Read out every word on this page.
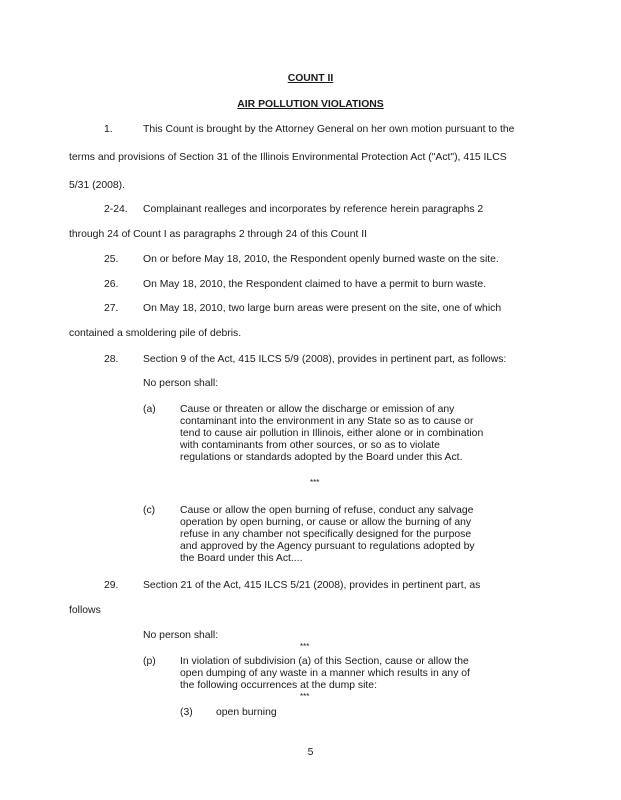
COUNT II
AIR POLLUTION VIOLATIONS
1.	This Count is brought by the Attorney General on her own motion pursuant to the
terms and provisions of Section 31 of the Illinois Environmental Protection Act ("Act"), 415 ILCS
5/31 (2008).
2-24. Complainant realleges and incorporates by reference herein paragraphs 2
through 24 of Count I as paragraphs 2 through 24 of this Count II
25. On or before May 18, 2010, the Respondent openly burned waste on the site.
26. On May 18, 2010, the Respondent claimed to have a permit to burn waste.
27. On May 18, 2010, two large burn areas were present on the site, one of which
contained a smoldering pile of debris.
28. Section 9 of the Act, 415 ILCS 5/9 (2008), provides in pertinent part, as follows:
No person shall:
(a) Cause or threaten or allow the discharge or emission of any
contaminant into the environment in any State so as to cause or
tend to cause air pollution in Illinois, either alone or in combination
with contaminants from other sources, or so as to violate
regulations or standards adopted by the Board under this Act.
***
(c) Cause or allow the open burning of refuse, conduct any salvage
operation by open burning, or cause or allow the burning of any
refuse in any chamber not specifically designed for the purpose
and approved by the Agency pursuant to regulations adopted by
the Board under this Act....
29. Section 21 of the Act, 415 ILCS 5/21 (2008), provides in pertinent part, as
follows
No person shall:
***
(p) In violation of subdivision (a) of this Section, cause or allow the
open dumping of any waste in a manner which results in any of
the following occurrences at the dump site:
***
(3) open burning
5
